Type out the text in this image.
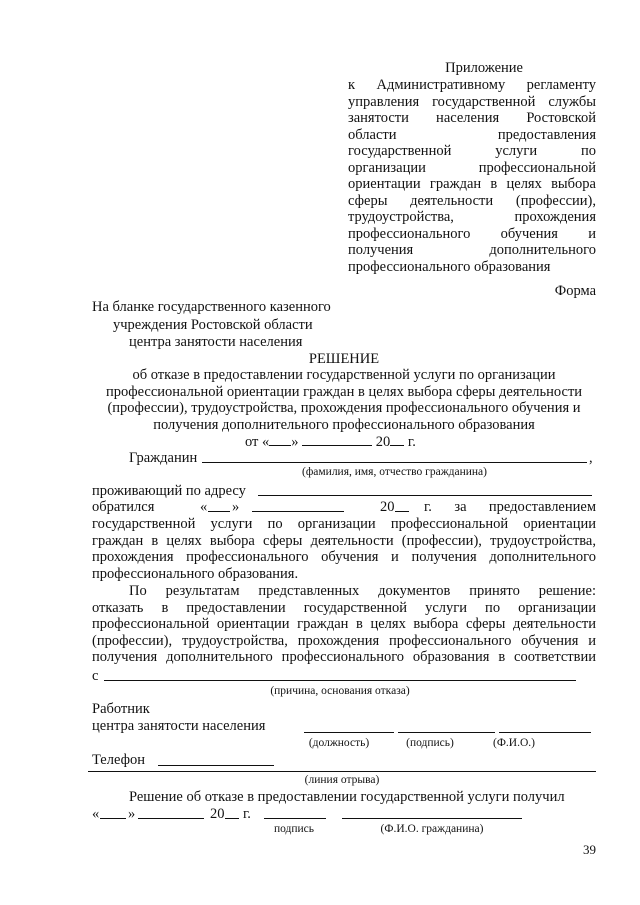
Приложение
к Административному регламенту
управления государственной службы
занятости населения Ростовской
области предоставления
государственной услуги по
организации профессиональной
ориентации граждан в целях выбора
сферы деятельности (профессии),
трудоустройства, прохождения
профессионального обучения и
получения дополнительного
профессионального образования
Форма
На бланке государственного казенного
учреждения Ростовской области
центра занятости населения
РЕШЕНИЕ
об отказе в предоставлении государственной услуги по организации
профессиональной ориентации граждан в целях выбора сферы деятельности
(профессии), трудоустройства, прохождения профессионального обучения и
получения дополнительного профессионального образования
от « »	20 г.
Гражданин	,
(фамилия, имя, отчество гражданина)
проживающий по адресу
обратился	« »	20 г. за предоставлением
государственной услуги по организации профессиональной ориентации
граждан в целях выбора сферы деятельности (профессии), трудоустройства,
прохождения профессионального обучения и получения дополнительного
профессионального образования.
По результатам представленных документов принято решение:
отказать в предоставлении государственной услуги по организации
профессиональной ориентации граждан в целях выбора сферы деятельности
(профессии), трудоустройства, прохождения профессионального обучения и
получения дополнительного профессионального образования в соответствии
с
(причина, основания отказа)
Работник
центра занятости населения
(должность)	(подпись)	(Ф.И.О.)
Телефон
(линия отрыва)
Решение об отказе в предоставлении государственной услуги получил
« »	20 г.
подпись	(Ф.И.О. гражданина)
39
